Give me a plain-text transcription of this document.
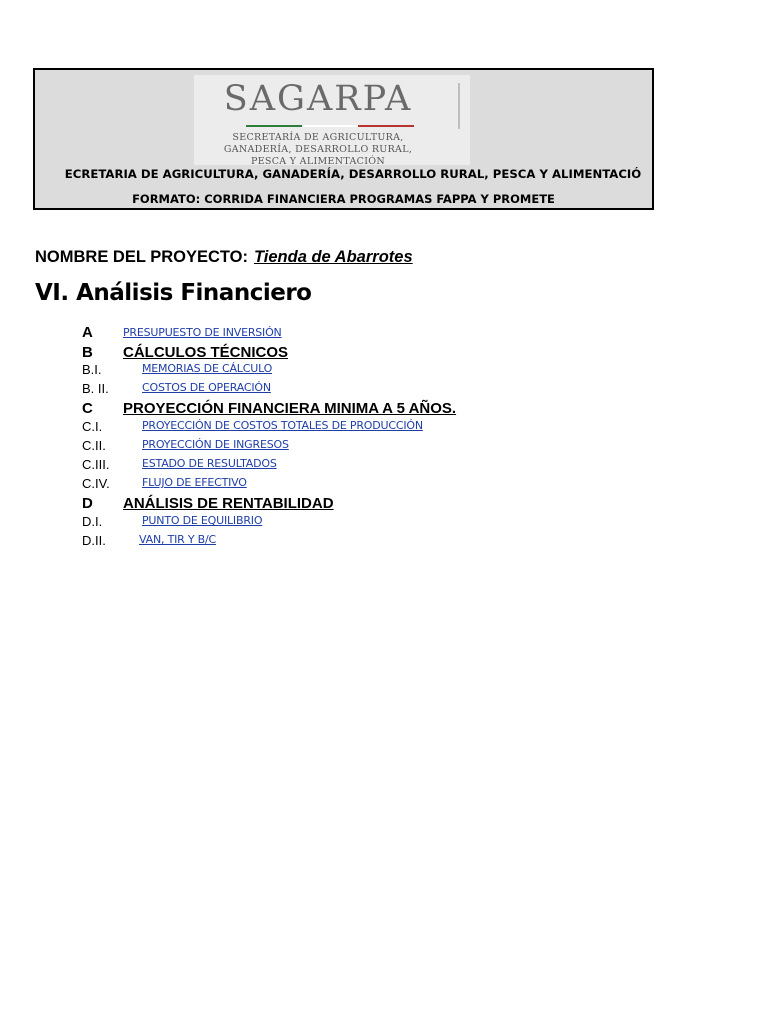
SAGARPA
SECRETARÍA DE AGRICULTURA,
GANADERÍA, DESARROLLO RURAL,
PESCA Y ALIMENTACIÓN
ECRETARIA DE AGRICULTURA, GANADERÍA, DESARROLLO RURAL, PESCA Y ALIMENTACIÓ
FORMATO: CORRIDA FINANCIERA PROGRAMAS FAPPA Y PROMETE
NOMBRE DEL PROYECTO: Tienda de Abarrotes
VI. Análisis Financiero
A	PRESUPUESTO DE INVERSIÓN
B CÁLCULOS TÉCNICOS
B.I.	MEMORIAS DE CÁLCULO
B. II.	COSTOS DE OPERACIÓN
C PROYECCIÓN FINANCIERA MINIMA A 5 AÑOS.
C.I.	PROYECCIÓN DE COSTOS TOTALES DE PRODUCCIÓN
C.II.	PROYECCIÓN DE INGRESOS
C.III.	ESTADO DE RESULTADOS
C.IV.	FLUJO DE EFECTIVO
D ANÁLISIS DE RENTABILIDAD
D.I.	PUNTO DE EQUILIBRIO
D.II.	VAN, TIR Y B/C
